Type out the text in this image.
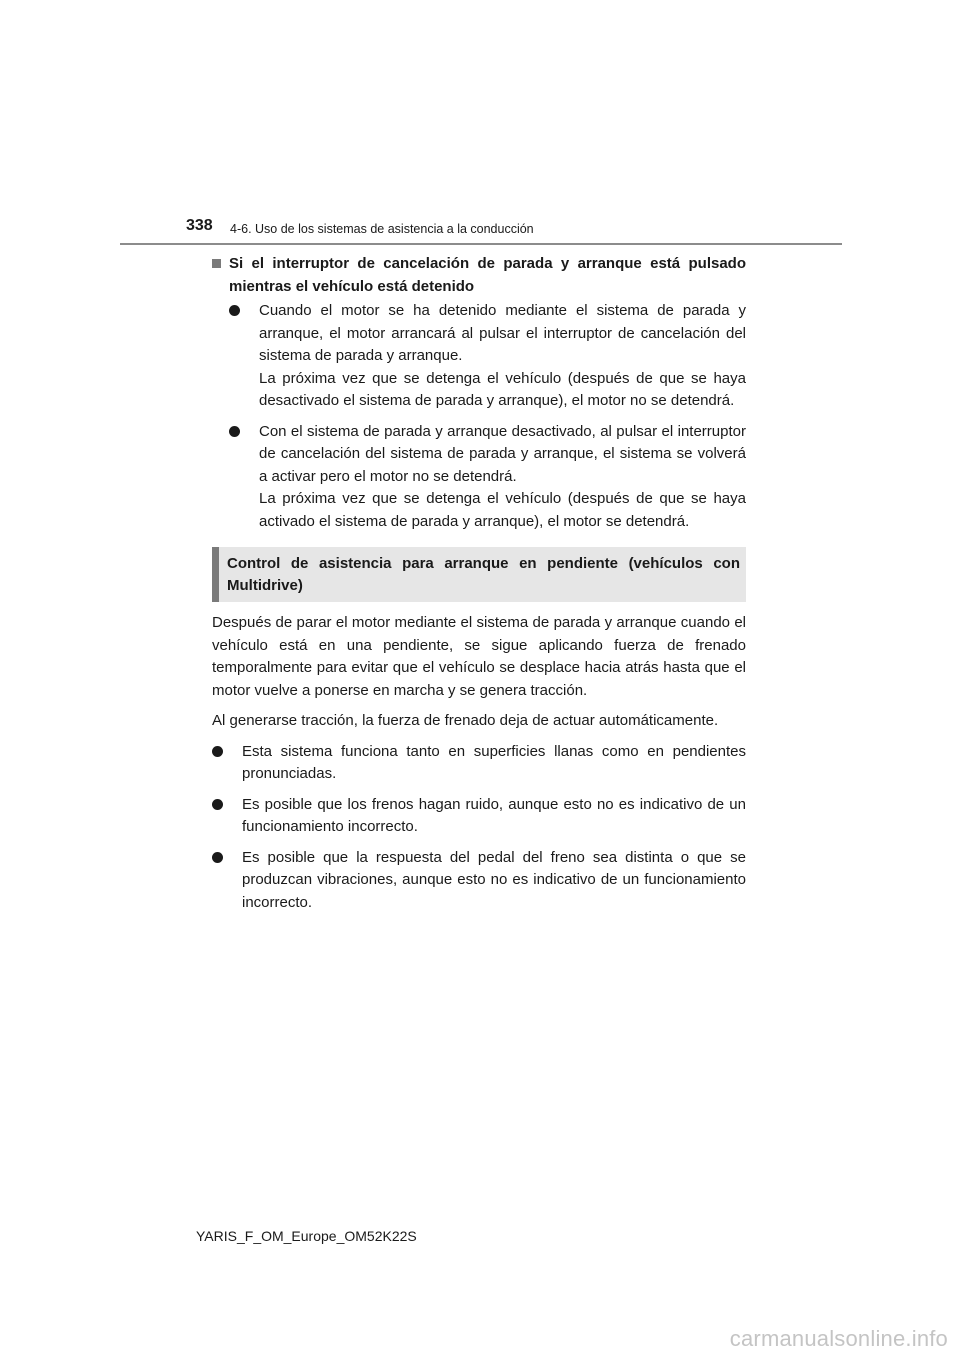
338 4-6. Uso de los sistemas de asistencia a la conducción
Si el interruptor de cancelación de parada y arranque está pulsado mientras el vehículo está detenido

Cuando el motor se ha detenido mediante el sistema de parada y arranque, el motor arrancará al pulsar el interruptor de cancelación del sistema de parada y arranque.

La próxima vez que se detenga el vehículo (después de que se haya desactivado el sistema de parada y arranque), el motor no se detendrá.

Con el sistema de parada y arranque desactivado, al pulsar el interruptor de cancelación del sistema de parada y arranque, el sistema se volverá a activar pero el motor no se detendrá.

La próxima vez que se detenga el vehículo (después de que se haya activado el sistema de parada y arranque), el motor se detendrá.

Control de asistencia para arranque en pendiente (vehículos con Multidrive)

Después de parar el motor mediante el sistema de parada y arranque cuando el vehículo está en una pendiente, se sigue aplicando fuerza de frenado temporalmente para evitar que el vehículo se desplace hacia atrás hasta que el motor vuelve a ponerse en marcha y se genera tracción.

Al generarse tracción, la fuerza de frenado deja de actuar automáticamente.

Esta sistema funciona tanto en superficies llanas como en pendientes pronunciadas.

Es posible que los frenos hagan ruido, aunque esto no es indicativo de un funcionamiento incorrecto.

Es posible que la respuesta del pedal del freno sea distinta o que se produzcan vibraciones, aunque esto no es indicativo de un funcionamiento incorrecto.

YARIS_F_OM_Europe_OM52K22S
carmanualsonline.info
